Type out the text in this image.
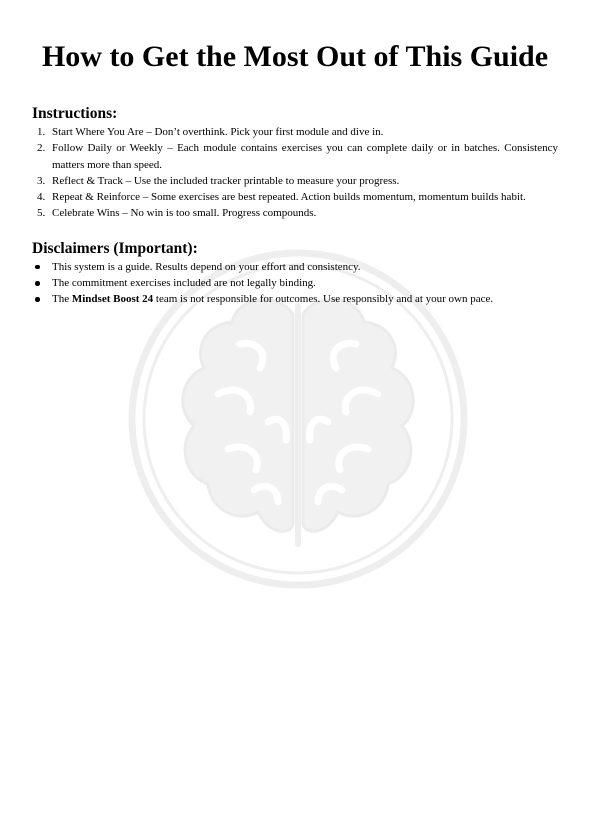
How to Get the Most Out of This Guide
Instructions:
1. Start Where You Are – Don’t overthink. Pick your first module and dive in.
2. Follow Daily or Weekly – Each module contains exercises you can complete daily or in batches. Consistency matters more than speed.
3. Reflect & Track – Use the included tracker printable to measure your progress.
4. Repeat & Reinforce – Some exercises are best repeated. Action builds momentum, momentum builds habit.
5. Celebrate Wins – No win is too small. Progress compounds.
Disclaimers (Important):
This system is a guide. Results depend on your effort and consistency.
The commitment exercises included are not legally binding.
The Mindset Boost 24 team is not responsible for outcomes. Use responsibly and at your own pace.
